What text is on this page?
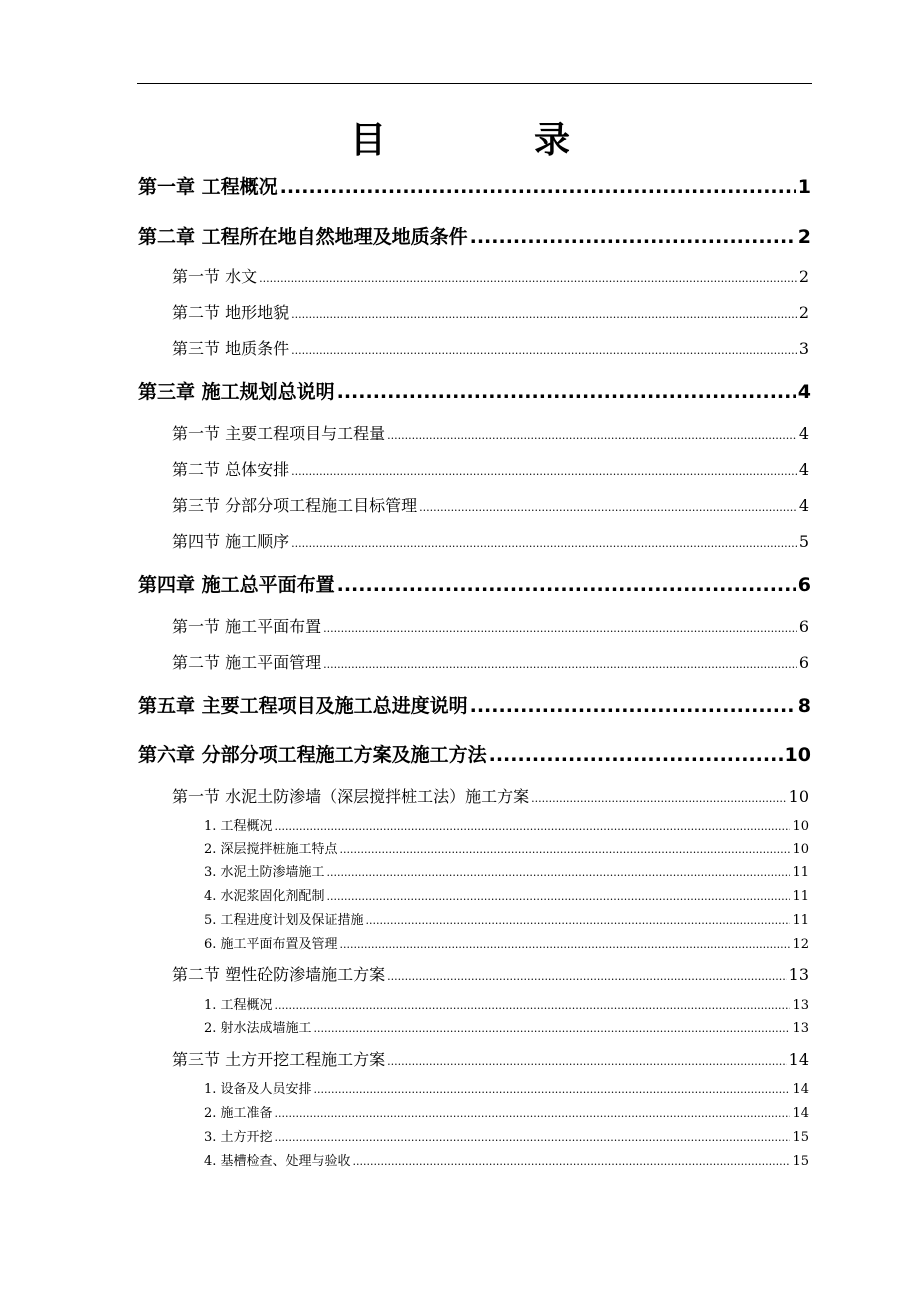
目　录
第一章 工程概况 .....	1
第二章 工程所在地自然地理及地质条件 .....	2
第一节 水文 .....	2
第二节 地形地貌 .....	2
第三节 地质条件 .....	3
第三章 施工规划总说明 .....	4
第一节 主要工程项目与工程量 .....	4
第二节 总体安排 .....	4
第三节 分部分项工程施工目标管理 .....	4
第四节 施工顺序 .....	5
第四章 施工总平面布置 .....	6
第一节 施工平面布置 .....	6
第二节 施工平面管理 .....	6
第五章 主要工程项目及施工总进度说明 .....	8
第六章 分部分项工程施工方案及施工方法 .....	10
第一节 水泥土防渗墙（深层搅拌桩工法）施工方案 .....	10
1. 工程概况 .....	10
2. 深层搅拌桩施工特点 .....	10
3. 水泥土防渗墙施工 .....	11
4. 水泥浆固化剂配制 .....	11
5. 工程进度计划及保证措施 .....	11
6. 施工平面布置及管理 .....	12
第二节 塑性砼防渗墙施工方案 .....	13
1. 工程概况 .....	13
2. 射水法成墙施工 .....	13
第三节 土方开挖工程施工方案 .....	14
1. 设备及人员安排 .....	14
2. 施工准备 .....	14
3. 土方开挖 .....	15
4. 基槽检查、处理与验收 .....	15
